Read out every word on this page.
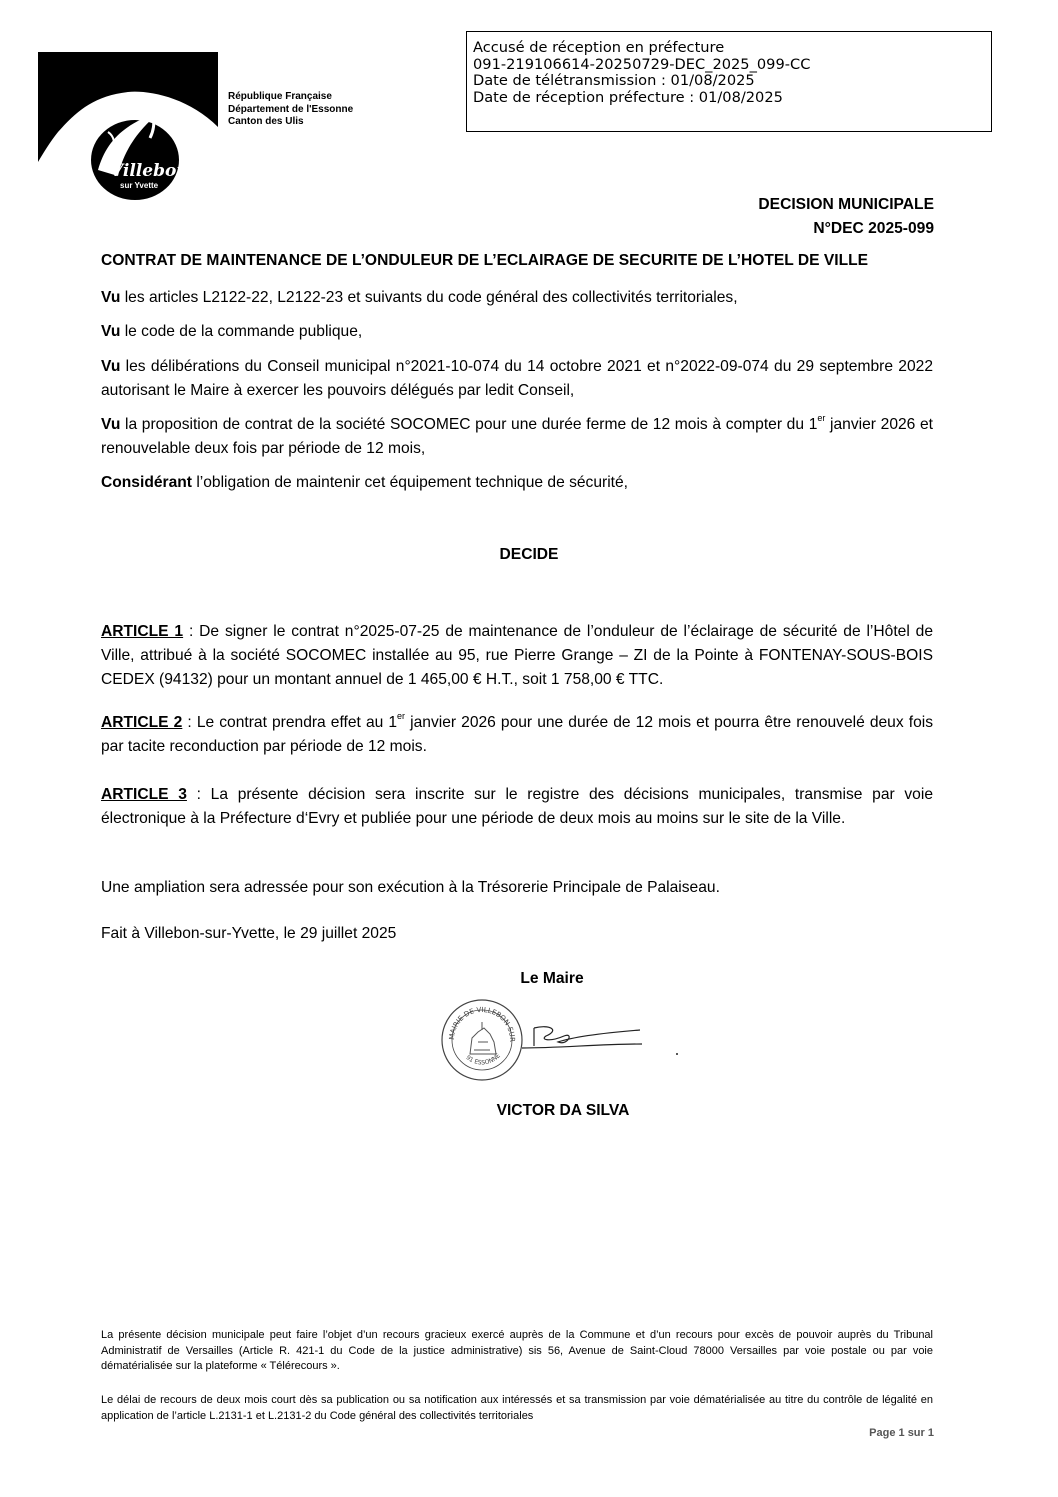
Villebon
sur Yvette
République Française
Département de l'Essonne
Canton des Ulis
Accusé de réception en préfecture
091-219106614-20250729-DEC_2025_099-CC
Date de télétransmission : 01/08/2025
Date de réception préfecture : 01/08/2025
DECISION MUNICIPALE
N°DEC 2025-099
CONTRAT DE MAINTENANCE DE L’ONDULEUR DE L’ECLAIRAGE DE SECURITE DE L’HOTEL DE VILLE
Vu les articles L2122-22, L2122-23 et suivants du code général des collectivités territoriales,
Vu le code de la commande publique,
Vu les délibérations du Conseil municipal n°2021-10-074 du 14 octobre 2021 et n°2022-09-074 du 29 septembre 2022 autorisant le Maire à exercer les pouvoirs délégués par ledit Conseil,
Vu la proposition de contrat de la société SOCOMEC pour une durée ferme de 12 mois à compter du 1er janvier 2026 et renouvelable deux fois par période de 12 mois,
Considérant l’obligation de maintenir cet équipement technique de sécurité,
DECIDE
ARTICLE 1 : De signer le contrat n°2025-07-25 de maintenance de l’onduleur de l’éclairage de sécurité de l’Hôtel de Ville, attribué à la société SOCOMEC installée au 95, rue Pierre Grange – ZI de la Pointe à FONTENAY-SOUS-BOIS CEDEX (94132) pour un montant annuel de 1 465,00 € H.T., soit 1 758,00 € TTC.
ARTICLE 2 : Le contrat prendra effet au 1er janvier 2026 pour une durée de 12 mois et pourra être renouvelé deux fois par tacite reconduction par période de 12 mois.
ARTICLE 3 : La présente décision sera inscrite sur le registre des décisions municipales, transmise par voie électronique à la Préfecture d‘Evry et publiée pour une période de deux mois au moins sur le site de la Ville.
Une ampliation sera adressée pour son exécution à la Trésorerie Principale de Palaiseau.
Fait à Villebon-sur-Yvette, le 29 juillet 2025
Le Maire
MAIRIE DE VILLEBON SUR
91 ESSONNE
VICTOR DA SILVA
La présente décision municipale peut faire l’objet d’un recours gracieux exercé auprès de la Commune et d’un recours pour excès de pouvoir auprès du Tribunal Administratif de Versailles (Article R. 421-1 du Code de la justice administrative) sis 56, Avenue de Saint-Cloud 78000 Versailles par voie postale ou par voie dématérialisée sur la plateforme « Télérecours ».
Le délai de recours de deux mois court dès sa publication ou sa notification aux intéressés et sa transmission par voie dématérialisée au titre du contrôle de légalité en application de l’article L.2131-1 et L.2131-2 du Code général des collectivités territoriales
Page 1 sur 1
